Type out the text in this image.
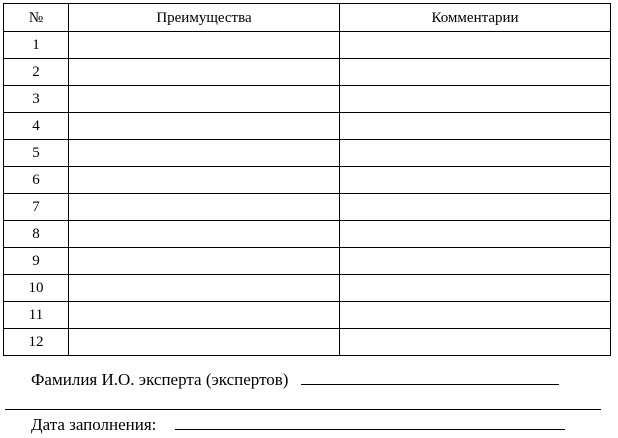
№	Преимущества	Комментарии
1		
2		
3		
4		
5		
6		
7		
8		
9		
10		
11		
12		
Фамилия И.О. эксперта (экспертов)
Дата заполнения:
